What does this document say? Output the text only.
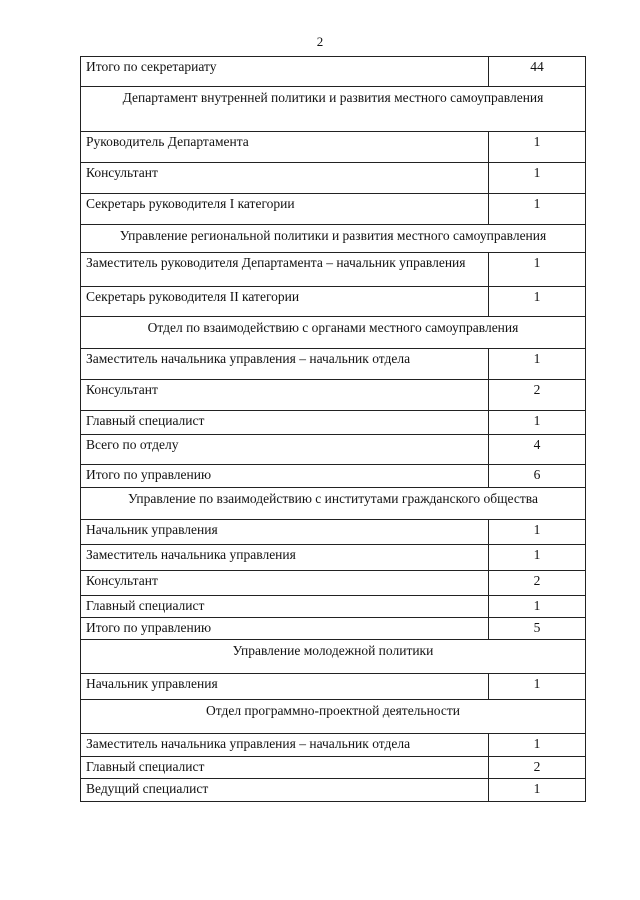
2
Итого по секретариату	44
Департамент внутренней политики и развития местного самоуправления	
Руководитель Департамента	1
Консультант	1
Секретарь руководителя I категории	1
Управление региональной политики и развития местного самоуправления	
Заместитель руководителя Департамента – начальник управления	1
Секретарь руководителя II категории	1
Отдел по взаимодействию с органами местного самоуправления	
Заместитель начальника управления – начальник отдела	1
Консультант	2
Главный специалист	1
Всего по отделу	4
Итого по управлению	6
Управление по взаимодействию с институтами гражданского общества	
Начальник управления	1
Заместитель начальника управления	1
Консультант	2
Главный специалист	1
Итого по управлению	5
Управление молодежной политики	
Начальник управления	1
Отдел программно-проектной деятельности	
Заместитель начальника управления – начальник отдела	1
Главный специалист	2
Ведущий специалист	1
